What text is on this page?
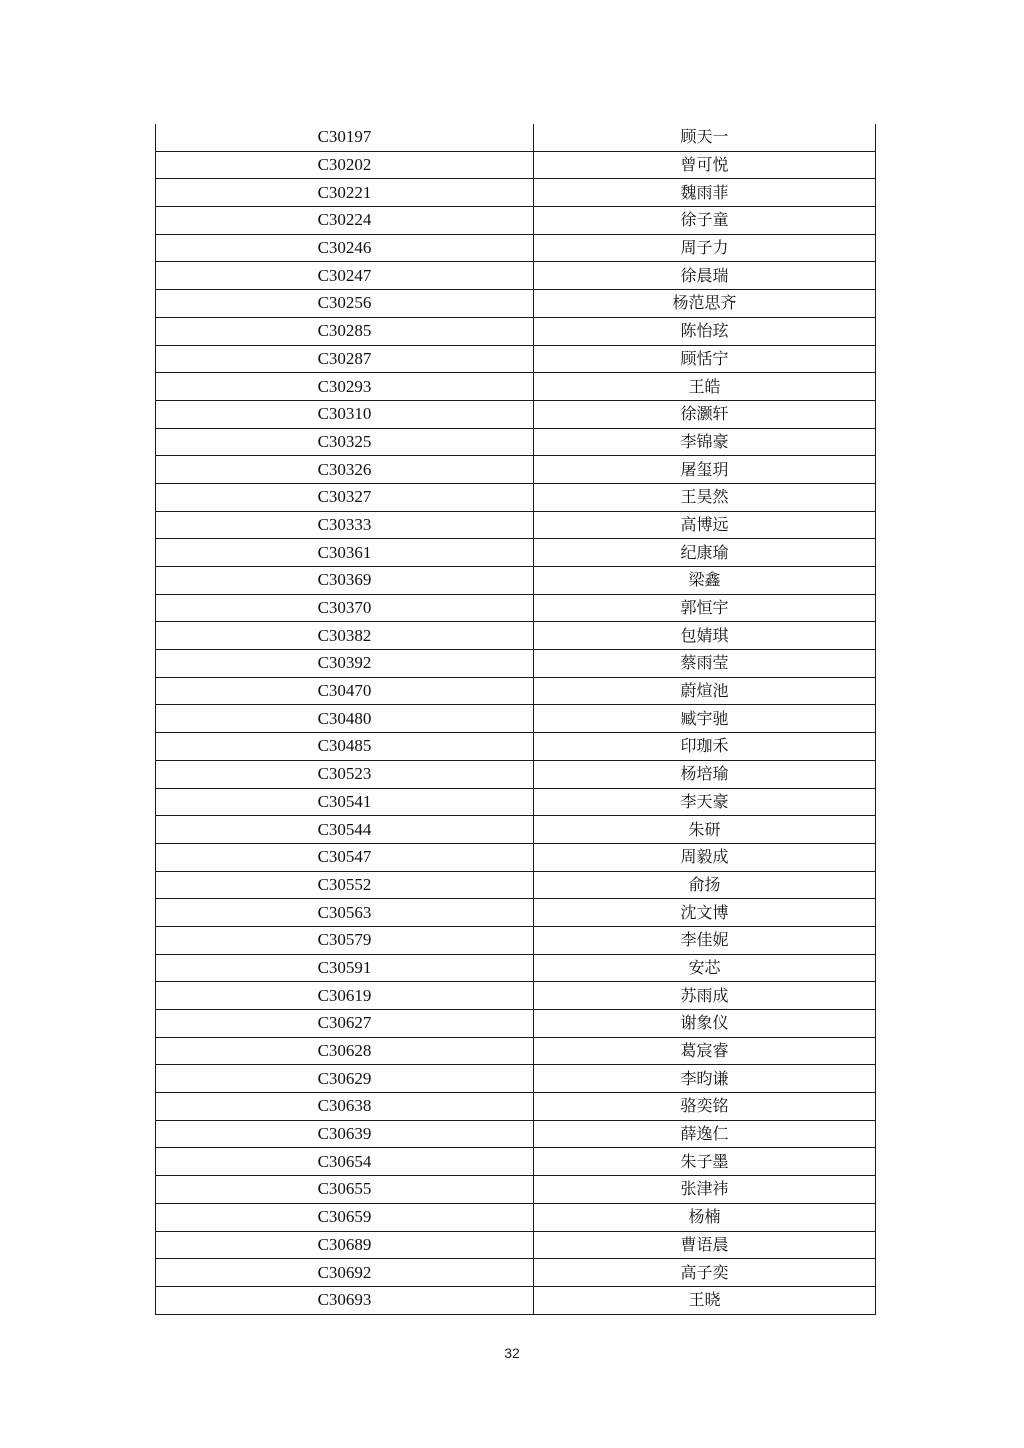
C30197	顾天一
C30202	曾可悦
C30221	魏雨菲
C30224	徐子童
C30246	周子力
C30247	徐晨瑞
C30256	杨范思齐
C30285	陈怡玹
C30287	顾恬宁
C30293	王皓
C30310	徐灏轩
C30325	李锦豪
C30326	屠玺玥
C30327	王昊然
C30333	高博远
C30361	纪康瑜
C30369	梁鑫
C30370	郭恒宇
C30382	包婧琪
C30392	蔡雨莹
C30470	蔚煊池
C30480	臧宇驰
C30485	印珈禾
C30523	杨培瑜
C30541	李天豪
C30544	朱研
C30547	周毅成
C30552	俞扬
C30563	沈文博
C30579	李佳妮
C30591	安芯
C30619	苏雨成
C30627	谢象仪
C30628	葛宸睿
C30629	李昀谦
C30638	骆奕铭
C30639	薛逸仁
C30654	朱子墨
C30655	张津祎
C30659	杨楠
C30689	曹语晨
C30692	高子奕
C30693	王晓
32
